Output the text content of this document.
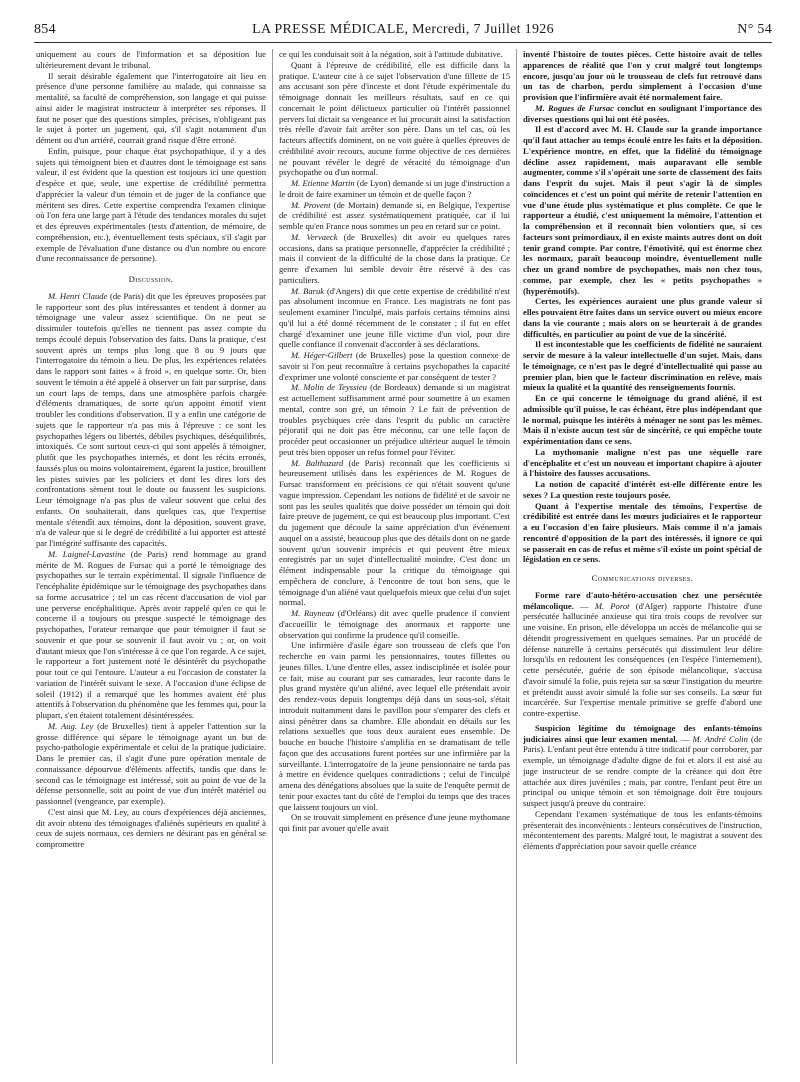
854	LA PRESSE MÉDICALE, Mercredi, 7 Juillet 1926	N° 54

uniquement au cours de l'information et sa déposition lue ultérieurement devant le tribunal.

Il serait désirable également que l'interrogatoire ait lieu en présence d'une personne familière au malade, qui connaisse sa mentalité, sa faculté de compréhension, son langage et qui puisse ainsi aider le magistrat instructeur à interpréter ses réponses. Il faut ne poser que des questions simples, précises, n'obligeant pas le sujet à porter un jugement, qui, s'il s'agit notamment d'un dément ou d'un arriéré, courrait grand risque d'être erroné.

Enfin, puisque, pour chaque état psychopathique, il y a des sujets qui témoignent bien et d'autres dont le témoignage est sans valeur, il est évident que la question est toujours ici une question d'espèce et que, seule, une expertise de crédibilité permettra d'apprécier la valeur d'un témoin et de juger de la confiance que méritent ses dires. Cette expertise comprendra l'examen clinique où l'on fera une large part à l'étude des tendances morales du sujet et des épreuves expérimentales (tests d'attention, de mémoire, de compréhension, etc.), éventuellement tests spéciaux, s'il s'agit par exemple de l'évaluation d'une distance ou d'un nombre ou encore d'une reconnaissance de personne).

Discussion.

M. Henri Claude (de Paris) dit que les épreuves proposées par le rapporteur sont des plus intéressantes et tendent à donner au témoignage une valeur assez scientifique. On ne peut se dissimuler toutefois qu'elles ne tiennent pas assez compte du temps écoulé depuis l'observation des faits. Dans la pratique, c'est souvent après un temps plus long que 8 ou 9 jours que l'interrogatoire du témoin a lieu. De plus, les expériences relatées dans le rapport sont faites « à froid », en quelque sorte. Or, bien souvent le témoin a été appelé à observer un fait par surprise, dans un court laps de temps, dans une atmosphère parfois chargée d'éléments dramatiques, de sorte qu'un appoint émotif vient troubler les conditions d'observation. Il y a enfin une catégorie de sujets que le rapporteur n'a pas mis à l'épreuve : ce sont les psychopathes légers ou libertés, débiles psychiques, déséquilibrés, intoxiqués. Ce sont surtout ceux-ci qui sont appelés à témoigner, plutôt que les psychopathes internés, et dont les récits erronés, faussés plus ou moins volontairement, égarent la justice, brouillent les pistes suivies par les policiers et dont les dires lors des confrontations sèment tout le doute ou faussent les suspicions. Leur témoignage n'a pas plus de valeur souvent que celui des enfants. On souhaiterait, dans quelques cas, que l'expertise mentale s'étendît aux témoins, dont la déposition, souvent grave, n'a de valeur que si le degré de crédibilité a lui apporter est attesté par l'intégrité suffisante des capacités.

M. Laignel-Lavastine (de Paris) rend hommage au grand mérite de M. Rogues de Fursac qui a porté le témoignage des psychopathes sur le terrain expérimental. Il signale l'influence de l'encéphalite épidémique sur le témoignage des psychopathes dans sa forme accusatrice ; tel un cas récent d'accusation de viol par une perverse encéphalitique. Après avoir rappelé qu'en ce qui le concerne il a toujours ou presque suspecté le témoignage des psychopathes, l'orateur remarque que pour témoigner il faut se souvenir et que pour se souvenir il faut avoir vu ; or, on voit d'autant mieux que l'on s'intéresse à ce que l'on regarde. A ce sujet, le rapporteur a fort justement noté le désintérêt du psychopathe pour tout ce qui l'entoure. L'auteur a eu l'occasion de constater la variation de l'intérêt suivant le sexe. A l'occasion d'une éclipse de soleil (1912) il a remarqué que les hommes avaient été plus attentifs à l'observation du phénomène que les femmes qui, pour la plupart, s'en étaient totalement désintéressées.

M. Aug. Ley (de Bruxelles) tient à appeler l'attention sur la grosse différence qui sépare le témoignage ayant un but de psycho-pathologie expérimentale et celui de la pratique judiciaire. Dans le premier cas, il s'agit d'une pure opération mentale de connaissance dépourvue d'éléments affectifs, tandis que dans le second cas le témoignage est intéressé, soit au point de vue de la défense personnelle, soit au point de vue d'un intérêt matériel ou passionnel (vengeance, par exemple).

C'est ainsi que M. Ley, au cours d'expériences déjà anciennes, dit avoir obtenu des témoignages d'aliénés supérieurs en qualité à ceux de sujets normaux, ces derniers ne désirant pas en général se compromettre

ce qui les conduisait soit à la négation, soit à l'attitude dubitative.

Quant à l'épreuve de crédibilité, elle est difficile dans la pratique. L'auteur cite à ce sujet l'observation d'une fillette de 15 ans accusant son père d'inceste et dont l'étude expérimentale du témoignage donnait les meilleurs résultats, sauf en ce qui concernait le point délictueux particulier où l'intérêt passionnel pervers lui dictait sa vengeance et lui procurait ainsi la satisfaction très réelle d'avoir fait arrêter son père. Dans un tel cas, où les facteurs affectifs dominent, on ne voit guère à quelles épreuves de crédibilité avoir recours, aucune forme objective de ces dernières ne pouvant révéler le degré de véracité du témoignage d'un psychopathe ou d'un normal.

M. Etienne Martin (de Lyon) demande si un juge d'instruction a le droit de faire examiner un témoin et de quelle façon ?

M. Provent (de Mortain) demande si, en Belgique, l'expertise de crédibilité est assez systématiquement pratiquée, car il lui semble qu'en France nous sommes un peu en retard sur ce point.

M. Vervaeck (de Bruxelles) dit avoir eu quelques rares occasions, dans sa pratique personnelle, d'apprécier la crédibilité ; mais il convient de la difficulté de la chose dans la pratique. Ce genre d'examen lui semble devoir être réservé à des cas particuliers.

M. Baruk (d'Angers) dit que cette expertise de crédibilité n'est pas absolument inconnue en France. Les magistrats ne font pas seulement examiner l'inculpé, mais parfois certains témoins ainsi qu'il lui a été donné récemment de le constater ; il fut en effet chargé d'examiner une jeune fille victime d'un viol, pour dire quelle confiance il convenait d'accorder à ses déclarations.

M. Héger-Gilbert (de Bruxelles) pose la question connexe de savoir si l'on peut reconnaître à certains psychopathes la capacité d'exprimer une volonté consciente et par conséquent de tester ?

M. Molin de Teyssieu (de Bordeaux) demande si un magistrat est actuellement suffisamment armé pour soumettre à un examen mental, contre son gré, un témoin ? Le fait de prévention de troubles psychiques crée dans l'esprit du public un caractère péjoratif qui ne doit pas être méconnu, car une telle façon de procéder peut occasionner un préjudice ultérieur auquel le témoin peut très bien opposer un refus formel pour l'éviter.

M. Balthazard (de Paris) reconnaît que les coefficients si heureusement utilisés dans les expériences de M. Rogues de Fursac transforment en précisions ce qui n'était souvent qu'une vague impression. Cependant les notions de fidélité et de savoir ne sont pas les seules qualités que doive posséder un témoin qui doit faire preuve de jugement, ce qui est beaucoup plus important. C'est du jugement que découle la saine appréciation d'un événement auquel on a assisté, beaucoup plus que des détails dont on ne garde souvent qu'un souvenir imprécis et qui peuvent être mieux enregistrés par un sujet d'intellectualité moindre. C'est donc un élément indispensable pour la critique du témoignage qui empêchera de conclure, à l'encontre de tout bon sens, que le témoignage d'un aliéné vaut quelquefois mieux que celui d'un sujet normal.

M. Rayneau (d'Orléans) dit avec quelle prudence il convient d'accueillir le témoignage des anormaux et rapporte une observation qui confirme la prudence qu'il conseille.

Une infirmière d'asile égare son trousseau de clefs que l'on recherche en vain parmi les pensionnaires, toutes fillettes ou jeunes filles. L'une d'entre elles, assez indisciplinée et isolée pour ce fait, mise au courant par ses camarades, leur raconte dans le plus grand mystère qu'un aliéné, avec lequel elle prétendait avoir des rendez-vous depuis longtemps déjà dans un sous-sol, s'était introduit nuitamment dans le pavillon pour s'emparer des clefs et ainsi pénétrer dans sa chambre. Elle abondait en détails sur les relations sexuelles que tous deux auraient eues ensemble. De bouche en bouche l'histoire s'amplifia en se dramatisant de telle façon que des accusations furent portées sur une infirmière par la surveillante. L'interrogatoire de la jeune pensionnaire ne tarda pas à mettre en évidence quelques contradictions ; celui de l'inculpé amena des dénégations absolues que la suite de l'enquête permit de tenir pour exactes tant du côté de l'emploi du temps que des traces que laissent toujours un viol.

On se trouvait simplement en présence d'une jeune mythomane qui finit par avouer qu'elle avait

inventé l'histoire de toutes pièces. Cette histoire avait de telles apparences de réalité que l'on y crut malgré tout longtemps encore, jusqu'au jour où le trousseau de clefs fut retrouvé dans un tas de charbon, perdu simplement à l'occasion d'une provision que l'infirmière avait été normalement faire.

M. Rogues de Fursac conclut en soulignant l'importance des diverses questions qui lui ont été posées.

Il est d'accord avec M. H. Claude sur la grande importance qu'il faut attacher au temps écoulé entre les faits et la déposition. L'expérience montre, en effet, que la fidélité du témoignage décline assez rapidement, mais auparavant elle semble augmenter, comme s'il s'opérait une sorte de classement des faits dans l'esprit du sujet. Mais il peut s'agir là de simples coïncidences et c'est un point qui mérite de retenir l'attention en vue d'une étude plus systématique et plus complète. Ce que le rapporteur a étudié, c'est uniquement la mémoire, l'attention et la compréhension et il reconnaît bien volontiers que, si ces facteurs sont primordiaux, il en existe maints autres dont on doit tenir grand compte. Par contre, l'émotivité, qui est énorme chez les normaux, paraît beaucoup moindre, éventuellement nulle chez un grand nombre de psychopathes, mais non chez tous, comme, par exemple, chez les « petits psychopathes » (hyperémotifs).

Certes, les expériences auraient une plus grande valeur si elles pouvaient être faites dans un service ouvert ou mieux encore dans la vie courante ; mais alors on se heurterait à de grandes difficultés, en particulier au point de vue de la sincérité.

Il est incontestable que les coefficients de fidélité ne sauraient servir de mesure à la valeur intellectuelle d'un sujet. Mais, dans le témoignage, ce n'est pas le degré d'intellectualité qui passe au premier plan, bien que le facteur discrimination en relève, mais mieux la qualité et la quantité des renseignements fournis.

En ce qui concerne le témoignage du grand aliéné, il est admissible qu'il puisse, le cas échéant, être plus indépendant que le normal, puisque les intérêts à ménager ne sont pas les mêmes. Mais il n'existe aucun test sûr de sincérité, ce qui empêche toute expérimentation dans ce sens.

La mythomanie maligne n'est pas une séquelle rare d'encéphalite et c'est un nouveau et important chapitre à ajouter à l'histoire des fausses accusations.

La notion de capacité d'intérêt est-elle différente entre les sexes ? La question reste toujours posée.

Quant à l'expertise mentale des témoins, l'expertise de crédibilité est entrée dans les mœurs judiciaires et le rapporteur a eu l'occasion d'en faire plusieurs. Mais comme il n'a jamais rencontré d'opposition de la part des intéressés, il ignore ce qui se passerait en cas de refus et même s'il existe un point spécial de législation en ce sens.

Communications diverses.

Forme rare d'auto-hétéro-accusation chez une persécutée mélancolique. — M. Porot (d'Alger) rapporte l'histoire d'une persécutée hallucinée anxieuse qui tira trois coups de revolver sur une voisine. En prison, elle développa un accès de mélancolie qui se détendit progressivement en quelques semaines. Par un procédé de défense naturelle à certains persécutés qui dissimulent leur délire lorsqu'ils en redoutent les conséquences (en l'espèce l'internement), cette persécutée, guérie de son épisode mélancolique, s'accusa d'avoir simulé la folie, puis rejeta sur sa sœur l'instigation du meurtre et prétendit aussi avoir simulé la folie sur ses conseils. La sœur fut incarcérée. Sur l'expertise mentale primitive se greffe d'abord une contre-expertise.

Suspicion légitime du témoignage des enfants-témoins judiciaires ainsi que leur examen mental. — M. André Colin (de Paris). L'enfant peut être entendu à titre indicatif pour corroborer, par exemple, un témoignage d'adulte digne de foi et alors il est aisé au juge instructeur de se rendre compte de la créance qui doit être attachée aux dires juvéniles ; mais, par contre, l'enfant peut être un principal ou unique témoin et son témoignage doit être toujours suspect jusqu'à preuve du contraire.

Cependant l'examen systématique de tous les enfants-témoins présenterait des inconvénients : lenteurs consécutives de l'instruction, mécontentement des parents. Malgré tout, le magistrat a souvent des éléments d'appréciation pour savoir quelle créance
